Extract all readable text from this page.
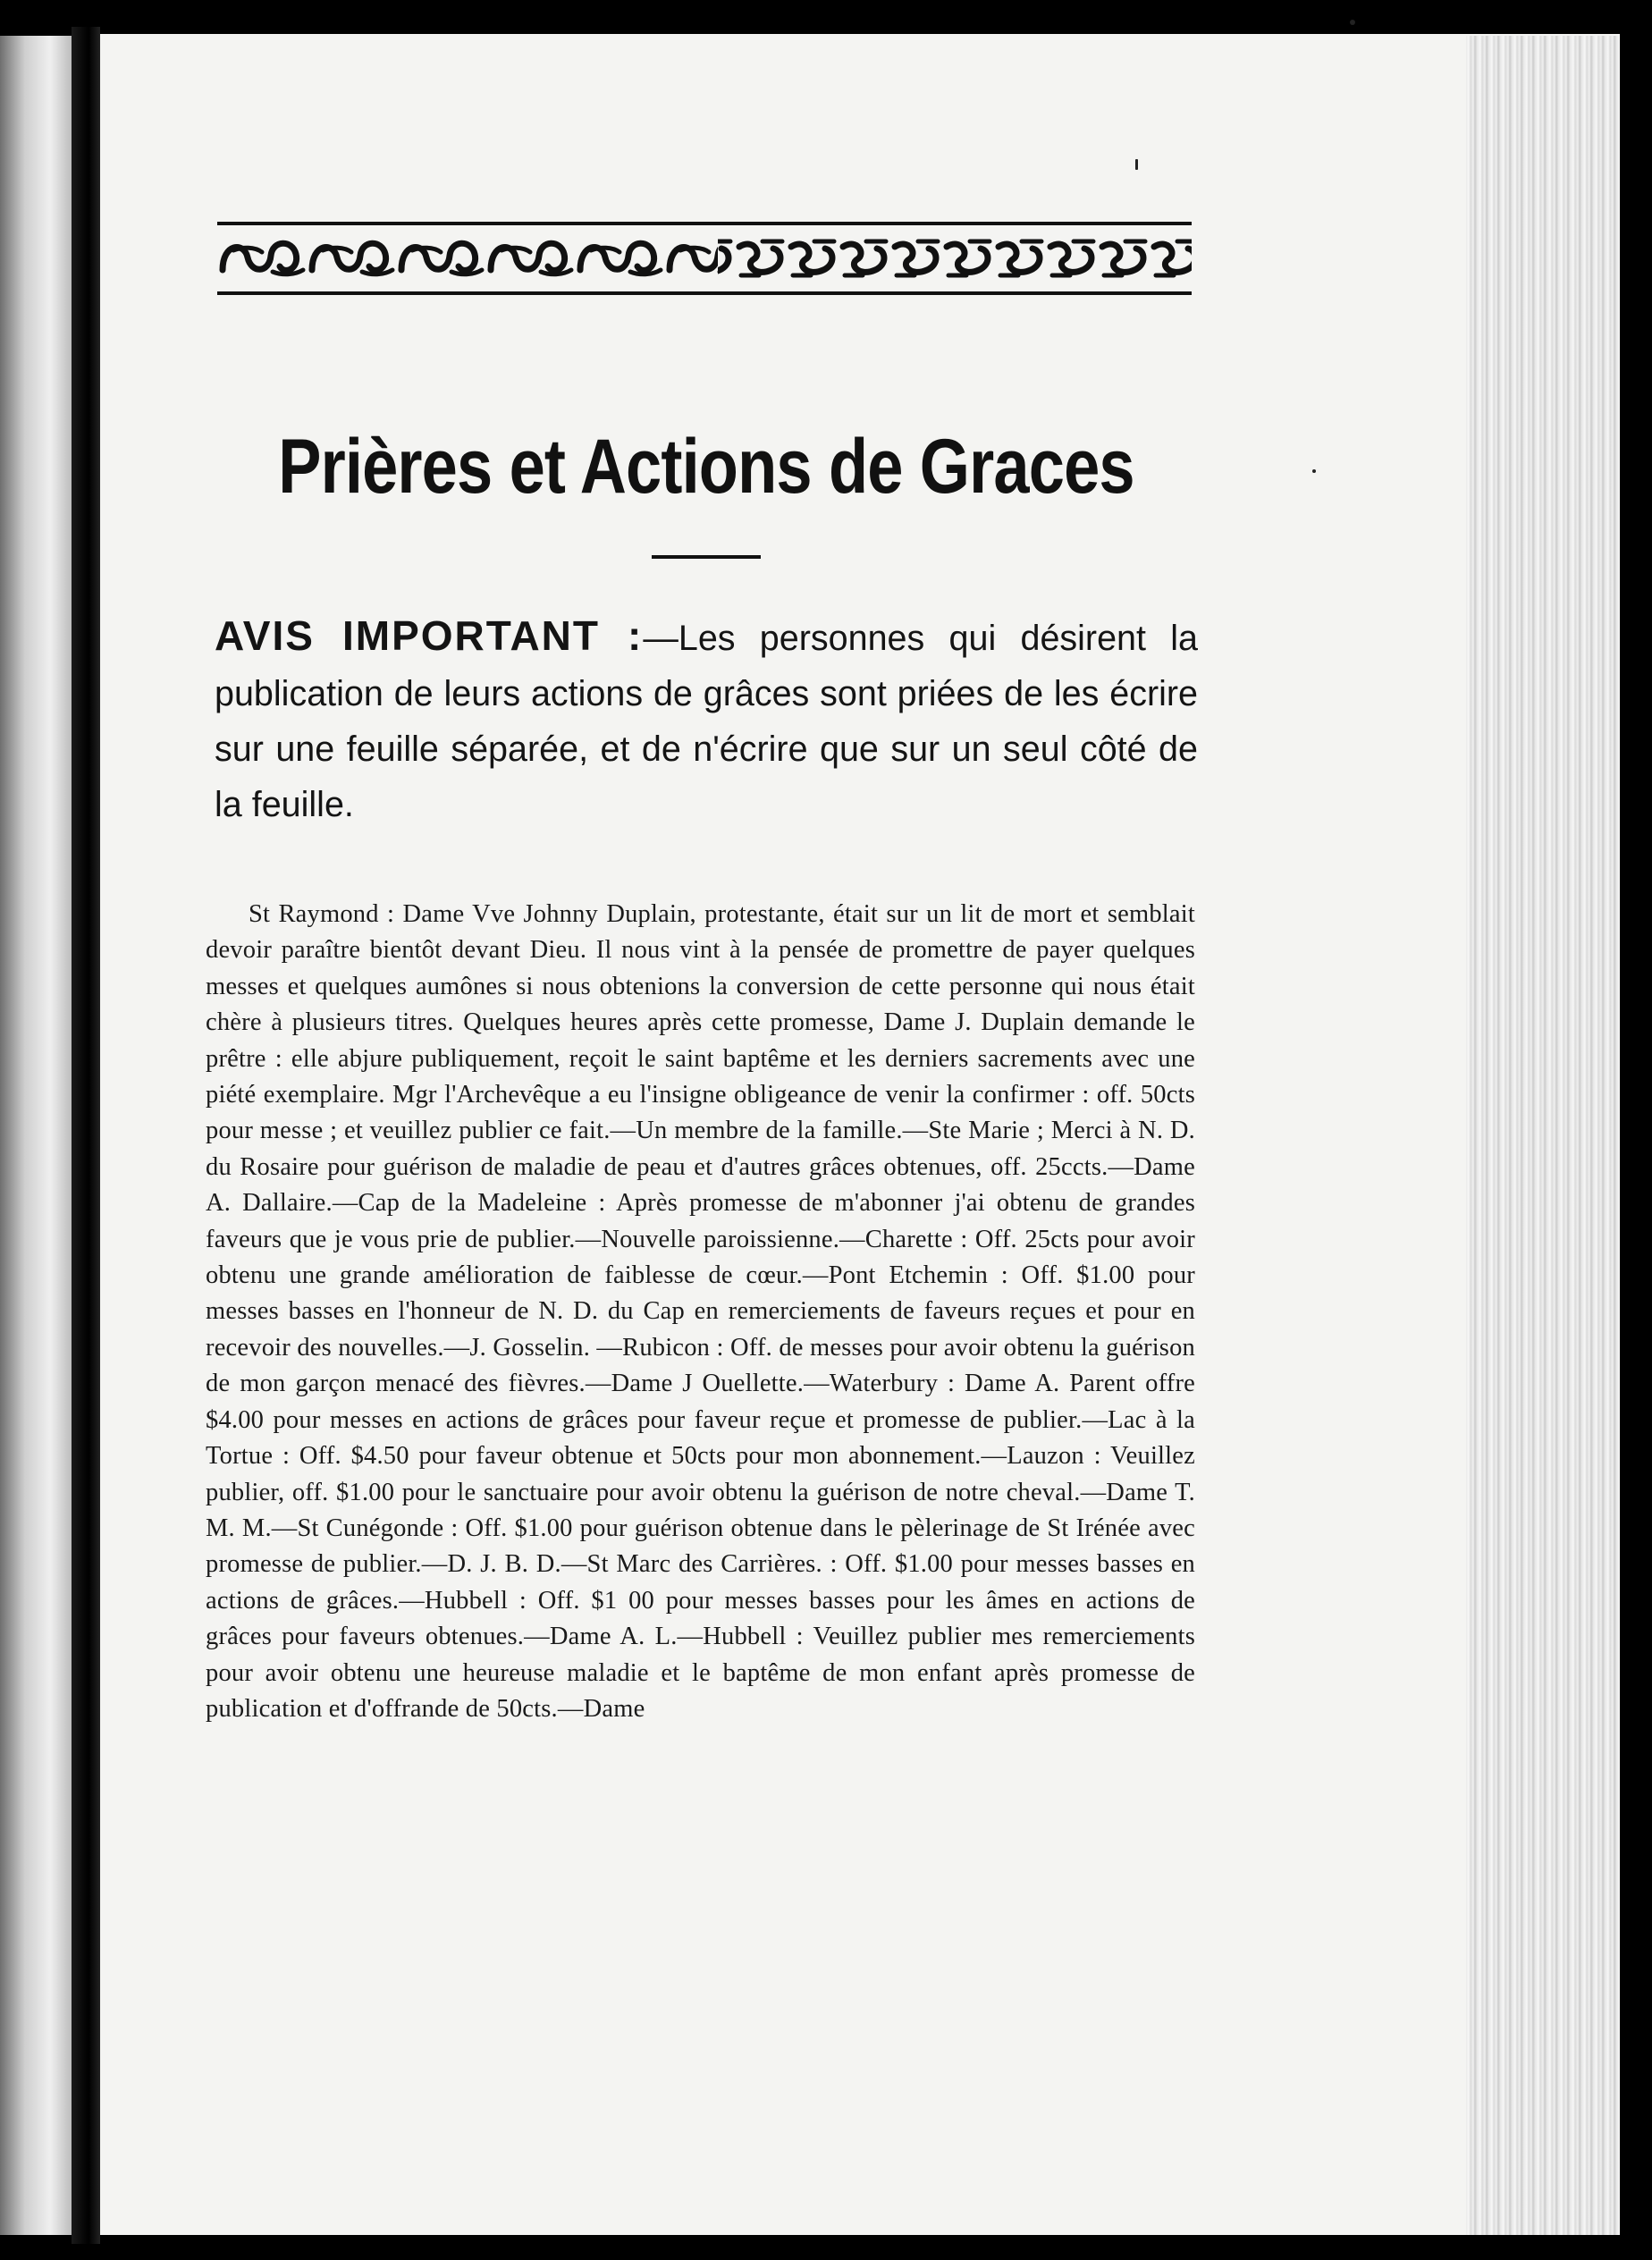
Prières et Actions de Graces
AVIS IMPORTANT :—Les personnes qui désirent la publication de leurs actions de grâces sont priées de les écrire sur une feuille séparée, et de n'écrire que sur un seul côté de la feuille.
St Raymond : Dame Vve Johnny Duplain, protestante, était sur un lit de mort et semblait devoir paraître bientôt devant Dieu. Il nous vint à la pensée de promettre de payer quelques messes et quelques aumônes si nous obtenions la conversion de cette personne qui nous était chère à plusieurs titres. Quelques heures après cette promesse, Dame J. Duplain demande le prêtre : elle abjure publiquement, reçoit le saint baptême et les derniers sacrements avec une piété exemplaire. Mgr l'Archevêque a eu l'insigne obligeance de venir la confirmer : off. 50cts pour messe ; et veuillez publier ce fait.—Un membre de la famille.—Ste Marie ; Merci à N. D. du Rosaire pour guérison de maladie de peau et d'autres grâces obtenues, off. 25ccts.—Dame A. Dallaire.—Cap de la Madeleine : Après promesse de m'abonner j'ai obtenu de grandes faveurs que je vous prie de publier.—Nouvelle paroissienne.—Charette : Off. 25cts pour avoir obtenu une grande amélioration de faiblesse de cœur.—Pont Etchemin : Off. $1.00 pour messes basses en l'honneur de N. D. du Cap en remerciements de faveurs reçues et pour en recevoir des nouvelles.—J. Gosselin. —Rubicon : Off. de messes pour avoir obtenu la guérison de mon garçon menacé des fièvres.—Dame J Ouellette.—Waterbury : Dame A. Parent offre $4.00 pour messes en actions de grâces pour faveur reçue et promesse de publier.—Lac à la Tortue : Off. $4.50 pour faveur obtenue et 50cts pour mon abonnement.—Lauzon : Veuillez publier, off. $1.00 pour le sanctuaire pour avoir obtenu la guérison de notre cheval.—Dame T. M. M.—St Cunégonde : Off. $1.00 pour guérison obtenue dans le pèlerinage de St Irénée avec promesse de publier.—D. J. B. D.—St Marc des Carrières. : Off. $1.00 pour messes basses en actions de grâces.—Hubbell : Off. $1 00 pour messes basses pour les âmes en actions de grâces pour faveurs obtenues.—Dame A. L.—Hubbell : Veuillez publier mes remerciements pour avoir obtenu une heureuse maladie et le baptême de mon enfant après promesse de publication et d'offrande de 50cts.—Dame
